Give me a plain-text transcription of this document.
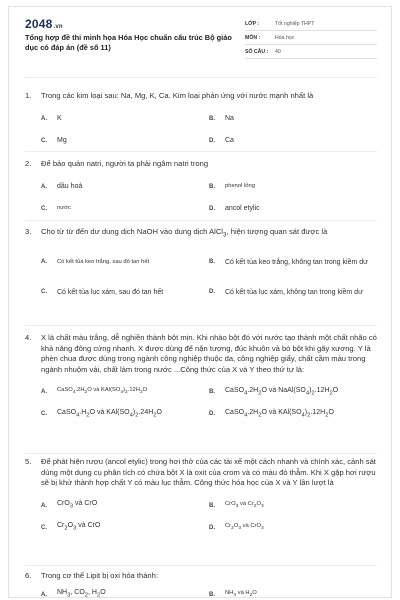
2048.vn
Tổng hợp đề thi minh họa Hóa Học chuẩn cấu trúc Bộ giáo dục có đáp án (đề số 11)
LỚP :	Tốt nghiệp THPT
MÔN :	Hóa học
SỐ CÂU :	40
1.	Trong các kim loại sau: Na, Mg, K, Ca. Kim loại phản ứng với nước mạnh nhất là
A.	K	B.	Na
C.	Mg	D.	Ca
2.	Để bảo quản natri, người ta phải ngâm natri trong
A.	dầu hoả	B.	phenol lỏng
C.	nước	D.	ancol etylic
3.	Cho từ từ đến dư dung dịch NaOH vào dung dịch AlCl$_3$, hiện tượng quan sát được là
A.	Có kết tủa keo trắng, sau đó tan hết	B.	Có kết tủa keo trắng, không tan trong kiềm dư
C.	Có kết tủa lục xám, sau đó tan hết	D.	Có kết tủa lục xám, không tan trong kiềm dư
4.	X là chất màu trắng, dễ nghiền thành bột mịn. Khi nhào bột đó với nước tạo thành một chất nhão có khả năng đông cứng nhanh. X được dùng để nặn tượng, đúc khuôn và bó bột khi gãy xương. Y là phèn chua được dùng trong ngành công nghiệp thuộc da, công nghiệp giấy, chất cầm màu trong ngành nhuộm vải, chất làm trong nước ...Công thức của X và Y theo thứ tự là:
A.	$CaSO_4.2H_2O$ và $KAl(SO_4)_2.12H_2O$	B.	$CaSO_4.2H_2O$ và $NaAl(SO_4)_2.12H_2O$
C.	$CaSO_4.H_2O$ và $KAl(SO_4)_2.24H_2O$	D.	$CaSO_4.2H_2O$ và $KAl(SO_4)_2.12H_2O$
5.	Để phát hiện rượu (ancol etylic) trong hơi thở của các tài xế một cách nhanh và chính xác, cảnh sát dùng một dụng cụ phân tích có chứa bột X là oxit của crom và có màu đỏ thẫm. Khi X gặp hơi rượu sẽ bị khử thành hợp chất Y có màu lục thẫm. Công thức hóa học của X và Y lần lượt là
A.	CrO$_3$ và CrO	B.	CrO$_3$ và $Cr_2O_3$
C.	$Cr_2O_3$ và CrO	D.	$Cr_2O_3$ và CrO$_3$
6.	Trong cơ thể Lipit bị oxi hóa thành:
A.	$NH_3$, $CO_2$, $H_2O$	B.	$NH_3$ và $H_2O$
